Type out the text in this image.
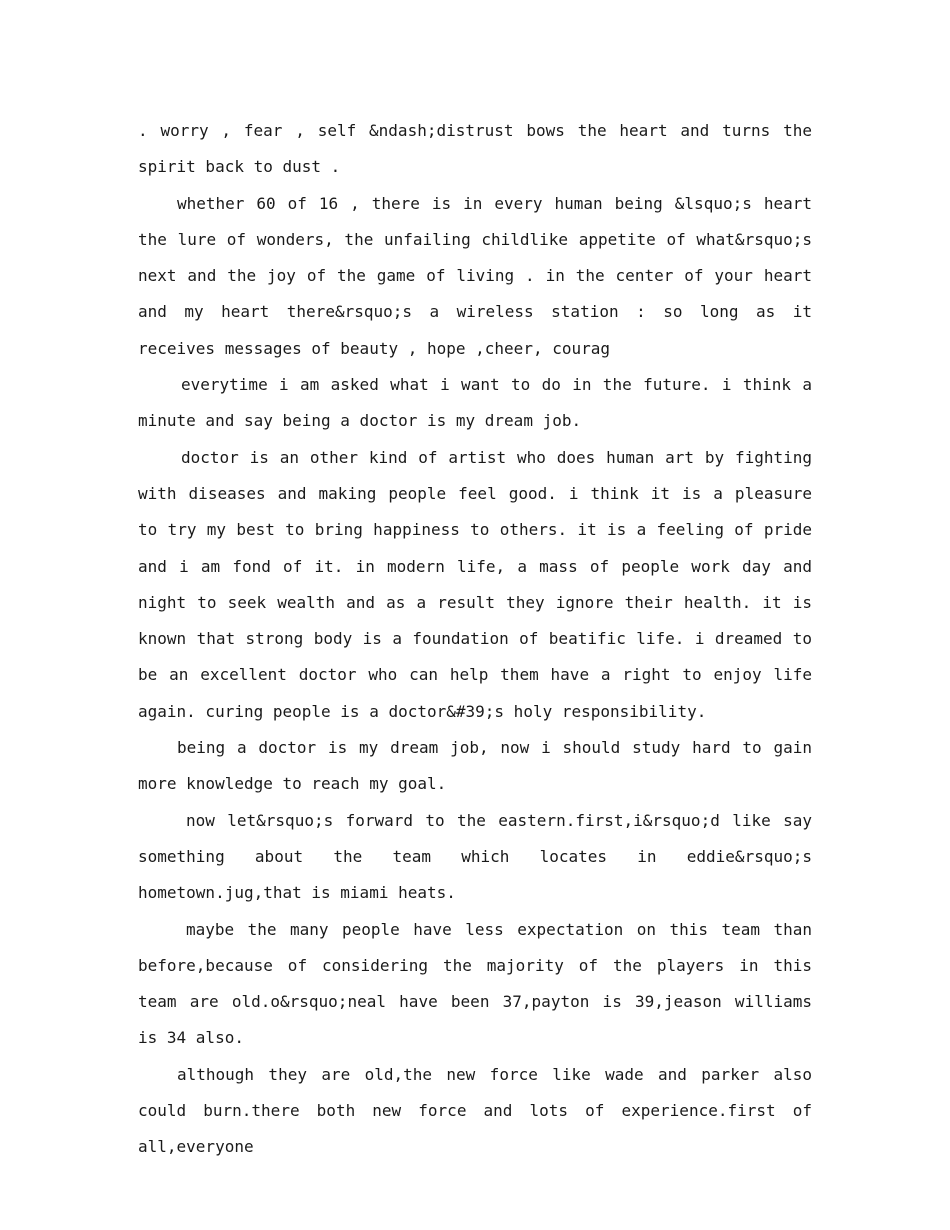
. worry , fear , self &ndash;distrust bows the heart and turns the spirit back to dust .

whether 60 of 16 , there is in every human being &lsquo;s heart the lure of wonders, the unfailing childlike appetite of what&rsquo;s next and the joy of the game of living . in the center of your heart and my heart there&rsquo;s a wireless station : so long as it receives messages of beauty , hope ,cheer, courag

everytime i am asked what i want to do in the future. i think a minute and say being a doctor is my dream job.

doctor is an other kind of artist who does human art by fighting with diseases and making people feel good. i think it is a pleasure to try my best to bring happiness to others. it is a feeling of pride and i am fond of it. in modern life, a mass of people work day and night to seek wealth and as a result they ignore their health. it is known that strong body is a foundation of beatific life. i dreamed to be an excellent doctor who can help them have a right to enjoy life again. curing people is a doctor&#39;s holy responsibility.

being a doctor is my dream job, now i should study hard to gain more knowledge to reach my goal.

now let&rsquo;s forward to the eastern.first,i&rsquo;d like say something about the team which locates in eddie&rsquo;s hometown.jug,that is miami heats.

maybe the many people have less expectation on this team than before,because of considering the majority of the players in this team are old.o&rsquo;neal have been 37,payton is 39,jeason williams is 34 also.

although they are old,the new force like wade and parker also could burn.there both new force and lots of experience.first of all,everyone
